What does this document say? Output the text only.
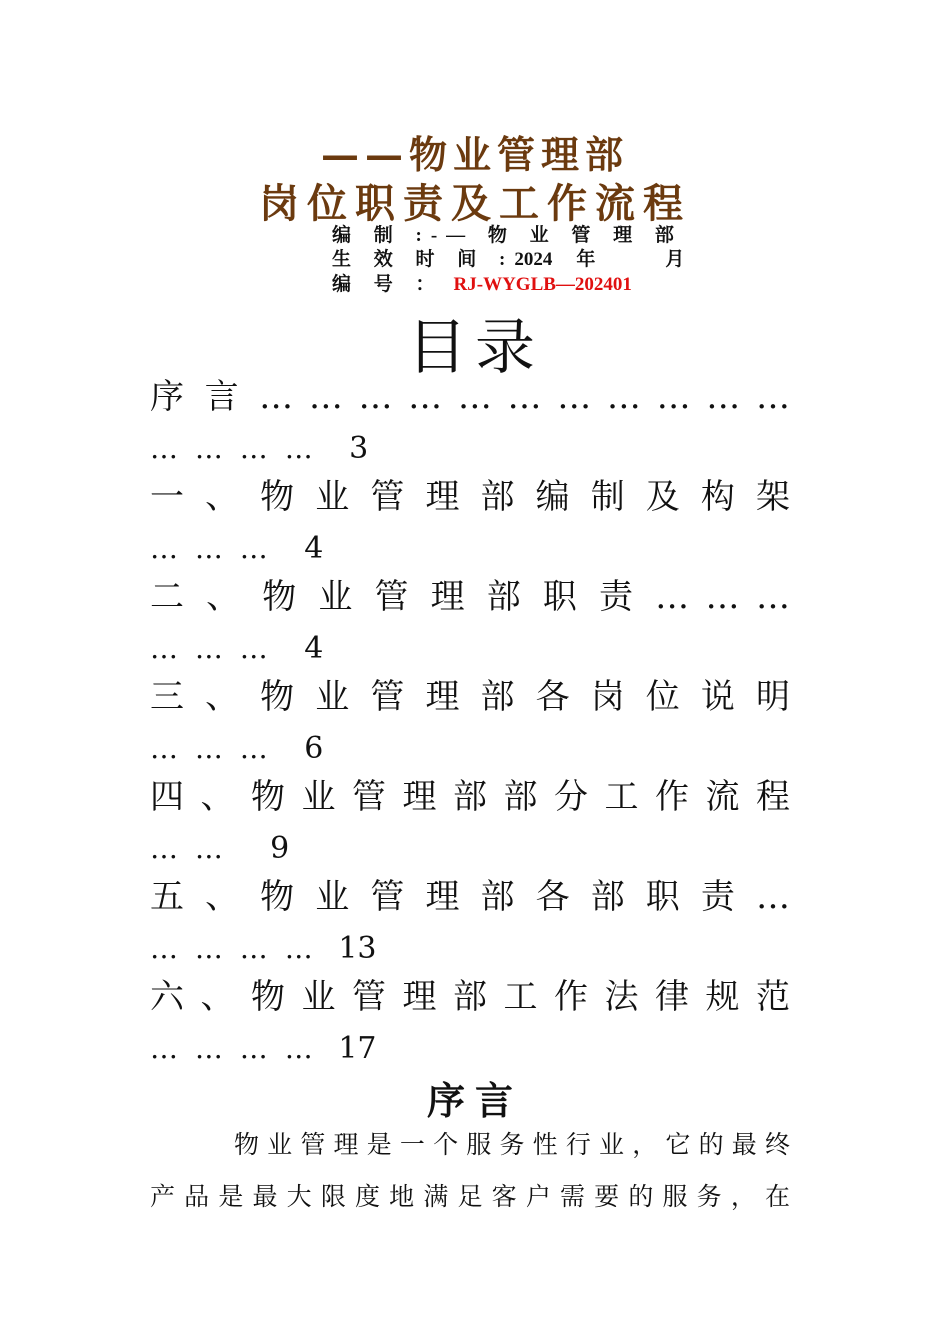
——物业管理部
岗位职责及工作流程
编 制 :-— 物 业 管 理 部
生 效 时 间 :2024 年	月
编 号 ： RJ-WYGLB—202401
目录
序 言 … … … … … … … … … … …
… … … … 3
一 、 物 业 管 理 部 编 制 及 构 架
… … … 4
二 、 物 业 管 理 部 职 责 … … …
… … … 4
三 、 物 业 管 理 部 各 岗 位 说 明
… … … 6
四 、 物 业 管 理 部 部 分 工 作 流 程
… … 9
五 、 物 业 管 理 部 各 部 职 责 …
… … … … 13
六 、 物 业 管 理 部 工 作 法 律 规 范
… … … … 17
序言
物业管理是一个服务性行业，它的最终
产品是最大限度地满足客户需要的服务，在
